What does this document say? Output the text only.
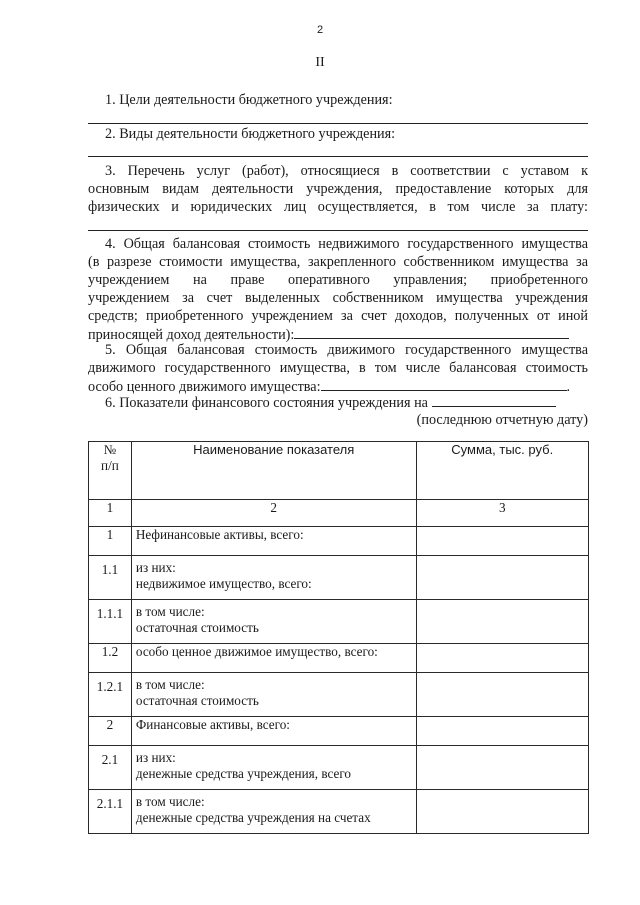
2
II
1. Цели деятельности бюджетного учреждения:
2. Виды деятельности бюджетного учреждения:
3. Перечень услуг (работ), относящиеся в соответствии с уставом к
основным видам деятельности учреждения, предоставление которых для
физических и юридических лиц осуществляется, в том числе за плату:
4. Общая балансовая стоимость недвижимого государственного имущества
(в разрезе стоимости имущества, закрепленного собственником имущества за
учреждением на праве оперативного управления; приобретенного
учреждением за счет выделенных собственником имущества учреждения
средств; приобретенного учреждением за счет доходов, полученных от иной
приносящей доход деятельности):
5. Общая балансовая стоимость движимого государственного имущества
движимого государственного имущества, в том числе балансовая стоимость
особо ценного движимого имущества:	.
6. Показатели финансового состояния учреждения на
(последнюю отчетную дату)
№
п/п	Наименование показателя	Сумма, тыс. руб.
1	2	3
1	Нефинансовые активы, всего:	
1.1	из них:
недвижимое имущество, всего:	
1.1.1	в том числе:
остаточная стоимость	
1.2	особо ценное движимое имущество, всего:	
1.2.1	в том числе:
остаточная стоимость	
2	Финансовые активы, всего:	
2.1	из них:
денежные средства учреждения, всего	
2.1.1	в том числе:
денежные средства учреждения на счетах	
